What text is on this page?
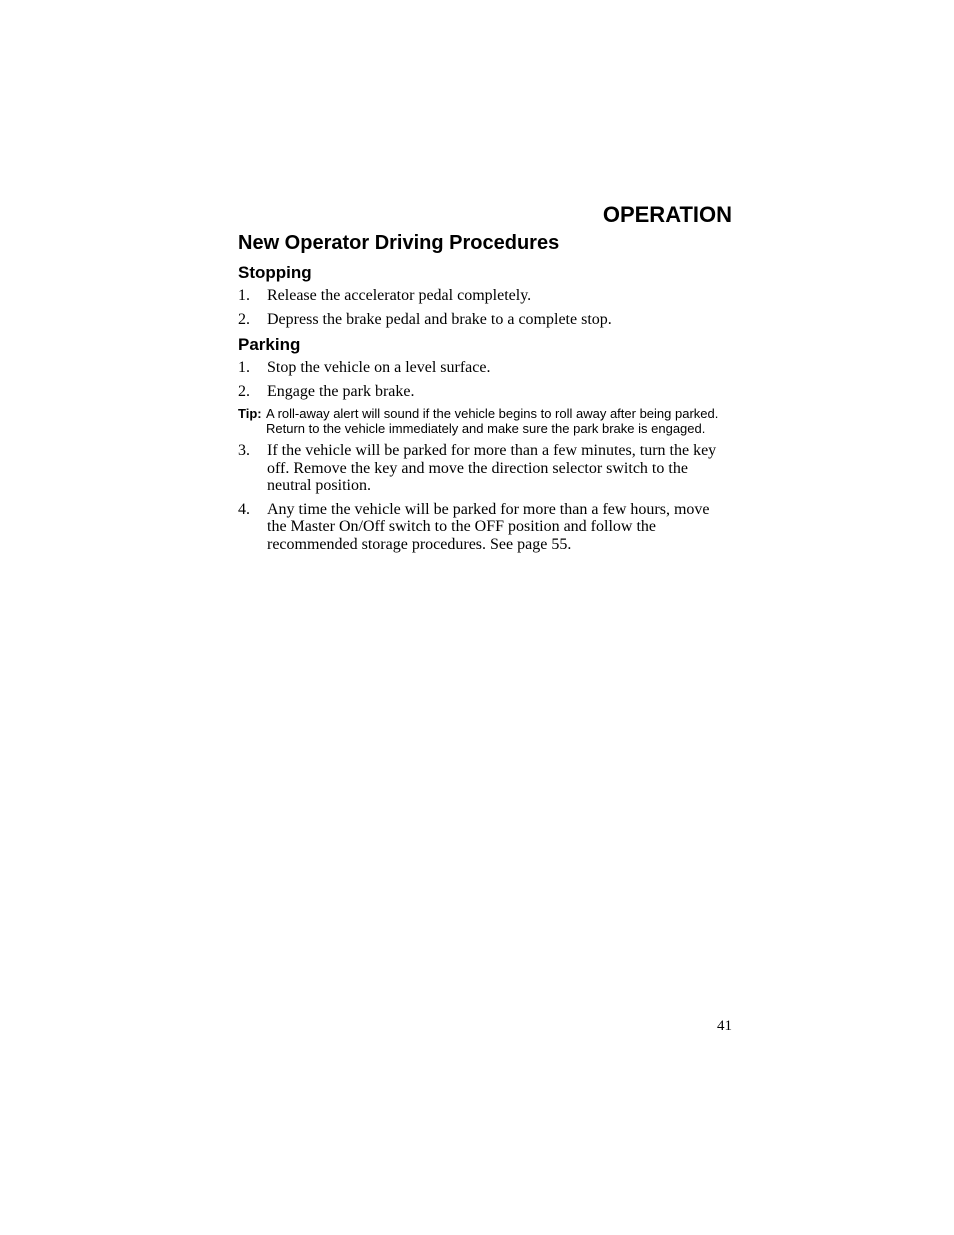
OPERATION
New Operator Driving Procedures
Stopping
1. Release the accelerator pedal completely.
2. Depress the brake pedal and brake to a complete stop.
Parking
1. Stop the vehicle on a level surface.
2. Engage the park brake.
Tip: A roll-away alert will sound if the vehicle begins to roll away after being parked. Return to the vehicle immediately and make sure the park brake is engaged.
3. If the vehicle will be parked for more than a few minutes, turn the key off. Remove the key and move the direction selector switch to the neutral position.
4. Any time the vehicle will be parked for more than a few hours, move the Master On/Off switch to the OFF position and follow the recommended storage procedures. See page 55.
41
